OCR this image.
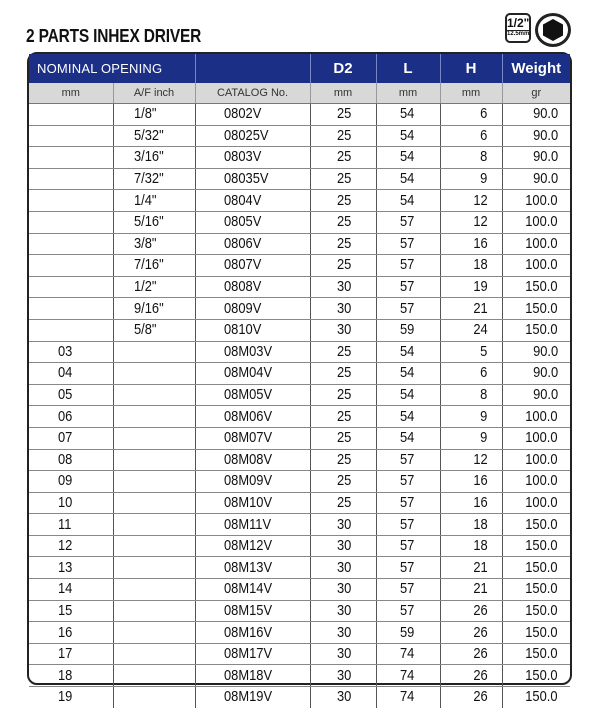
2 PARTS INHEX DRIVER
1/2"
12.5mm
NOMINAL OPENING			D2	L	H	Weight
mm	A/F inch	CATALOG No.	mm	mm	mm	gr
	1/8"	0802V	25	54	6	90.0
	5/32"	08025V	25	54	6	90.0
	3/16"	0803V	25	54	8	90.0
	7/32"	08035V	25	54	9	90.0
	1/4"	0804V	25	54	12	100.0
	5/16"	0805V	25	57	12	100.0
	3/8"	0806V	25	57	16	100.0
	7/16"	0807V	25	57	18	100.0
	1/2"	0808V	30	57	19	150.0
	9/16"	0809V	30	57	21	150.0
	5/8"	0810V	30	59	24	150.0
03		08M03V	25	54	5	90.0
04		08M04V	25	54	6	90.0
05		08M05V	25	54	8	90.0
06		08M06V	25	54	9	100.0
07		08M07V	25	54	9	100.0
08		08M08V	25	57	12	100.0
09		08M09V	25	57	16	100.0
10		08M10V	25	57	16	100.0
11		08M11V	30	57	18	150.0
12		08M12V	30	57	18	150.0
13		08M13V	30	57	21	150.0
14		08M14V	30	57	21	150.0
15		08M15V	30	57	26	150.0
16		08M16V	30	59	26	150.0
17		08M17V	30	74	26	150.0
18		08M18V	30	74	26	150.0
19		08M19V	30	74	26	150.0
